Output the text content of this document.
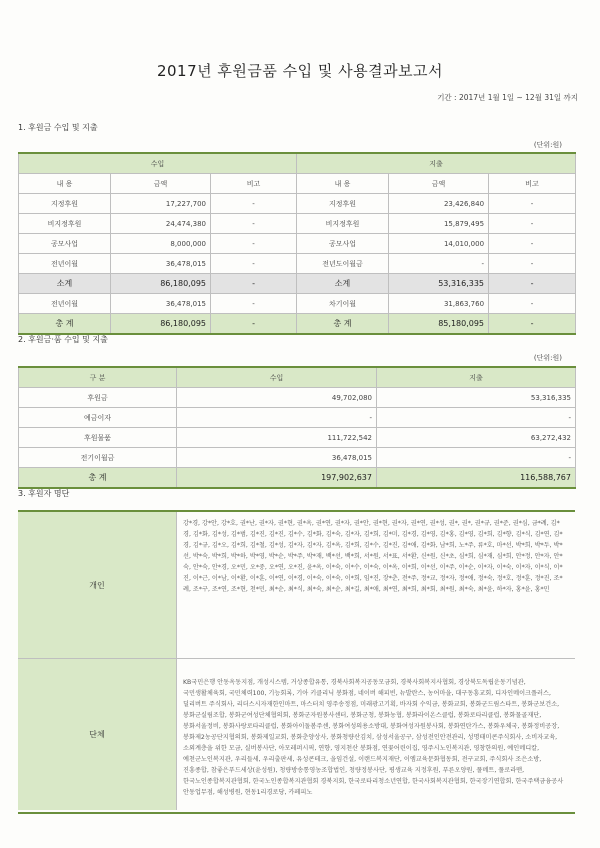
2017년 후원금품 수입 및 사용결과보고서
기간 : 2017년 1월 1일 ~ 12월 31일 까지
1. 후원금 수입 및 지출
(단위:원)
수입			지출		
내 용	금액	비고	내 용	금액	비고
지정후원	17,227,700	-	지정후원	23,426,840	-
비지정후원	24,474,380	-	비지정후원	15,879,495	-
공모사업	8,000,000	-	공모사업	14,010,000	-
전년이월	36,478,015	-	전년도이월금	-	-
소계	86,180,095	-	소계	53,316,335	-
전년이월	36,478,015	-	차기이월	31,863,760	-
총 계	86,180,095	-	총 계	85,180,095	-
2. 후원금·품 수입 및 지출
(단위:원)
구 분	수입	지출
후원금	49,702,080	53,316,335
예금이자	-	-
후원물품	111,722,542	63,272,432
전기이월금	36,478,015	-
총 계	197,902,637	116,588,767
3. 후원자 명단
개인
강*경, 강*안, 강*호, 권*난, 권*자, 권*현, 권*옥, 권*연, 권*자, 권*안, 권*현, 권*자, 권*연, 권*성, 권*, 권*, 권*규, 권*준, 권*심, 금*례, 김*경, 김*화, 김*성, 김*범, 김*진, 김*진, 김*수, 김*화, 김*숙, 김*자, 김*희, 김*미, 김*경, 김*영, 김*홍, 김*영, 김*희, 김*향, 김*식, 김*연, 김*경, 김*규, 김*오, 김*희, 김*철, 김*성, 김*자, 김*자, 김*옥, 김*희, 김*수, 김*진, 김*애, 김*화, 남*희, 노*주, 류*호, 마*선, 박*희, 박*두, 박*선, 박*숙, 박*희, 박*하, 박*영, 박*순, 박*주, 박*재, 백*선, 백*희, 서*원, 서*표, 서*환, 신*원, 신*초, 심*희, 심*재, 심*희, 안*정, 안*자, 안*숙, 안*숙, 안*경, 오*민, 오*중, 오*연, 오*진, 윤*옥, 이*숙, 이*수, 이*숙, 이*옥, 이*희, 이*선, 이*주, 이*순, 이*자, 이*숙, 이*자, 이*식, 이*진, 이*근, 이*남, 이*환, 이*훈, 이*연, 이*경, 이*숙, 이*숙, 이*희, 임*진, 장*춘, 전*주, 정*교, 정*자, 정*애, 정*숙, 정*호, 정*훈, 정*진, 조*례, 조*구, 조*연, 조*현, 천*민, 최*순, 최*식, 최*숙, 최*순, 최*길, 최*애, 최*연, 최*희, 최*회, 최*원, 최*숙, 최*윤, 하*자, 홍*윤, 홍*민
단체
KB국민은행 안동옥동지점, 개성시스템, 거상종합유통, 경북사회복지공동모금회, 경북사회복지사협회, 경상북도독립운동기념관, 국민생활체육회, 국민체력100, 기능회록, 기아 키클리닉 봉화점, 네이버 해피빈, 뉴발란스, 농어마을, 대구동흥교회, 디자인메이크플러스, 딜리버트 주식회사, 리더스시자재한인마트, 마스터치 영주송정점, 미래광고기획, 바자회 수익금, 봉화교회, 봉화군드림스타트, 봉화군보건소, 봉화군실림조합, 봉화군여성단체협의회, 봉화군자원봉사센터, 봉화군청, 봉화농협, 봉화라이온스클럽, 봉화로타리클럽, 봉화물골재단, 봉화서울정비, 봉화사랑로타리클럽, 봉화아이돌봄주센, 봉화여성의용소방대, 봉화여성자원봉사회, 봉화연탄가스, 봉화우체국, 봉화정비공장, 봉화제2농공단지협의회, 봉화제일교회, 봉화춘양상사, 봉화청량산김치, 삼성서울공구, 삼성전인안전관리, 성명태미콘주식회사, 소비자교육, 소외계층을 위한 모금, 실버봉사단, 아모레퍼시픽, 연향, 영지천산 봉화점, 연꽃어린이집, 영주시노인복지관, 영창한의원, 예인메디칼, 예천군노인복지관, 우리들세, 우리출판세, 유성콘테크, 을임건설, 이랜드복지재단, 이엠교육문화협동회, 전구교회, 주식회사 조은소방, 진흥종합, 참좋은푸드세상(윤성원), 청량방송통영농조합법인, 청량정봉사단, 평생교육 지정후원, 푸른오양원, 풀메트, 풀로라맨, 한국노인종합복지관협회, 한국노인종합복지관협회 경북지회, 한국로타리청소년연합, 한국사회복지관협회, 한국장기연합회, 한국주택금융공사 안동업무점, 해성병원, 현동1리경로당, 카페피노
